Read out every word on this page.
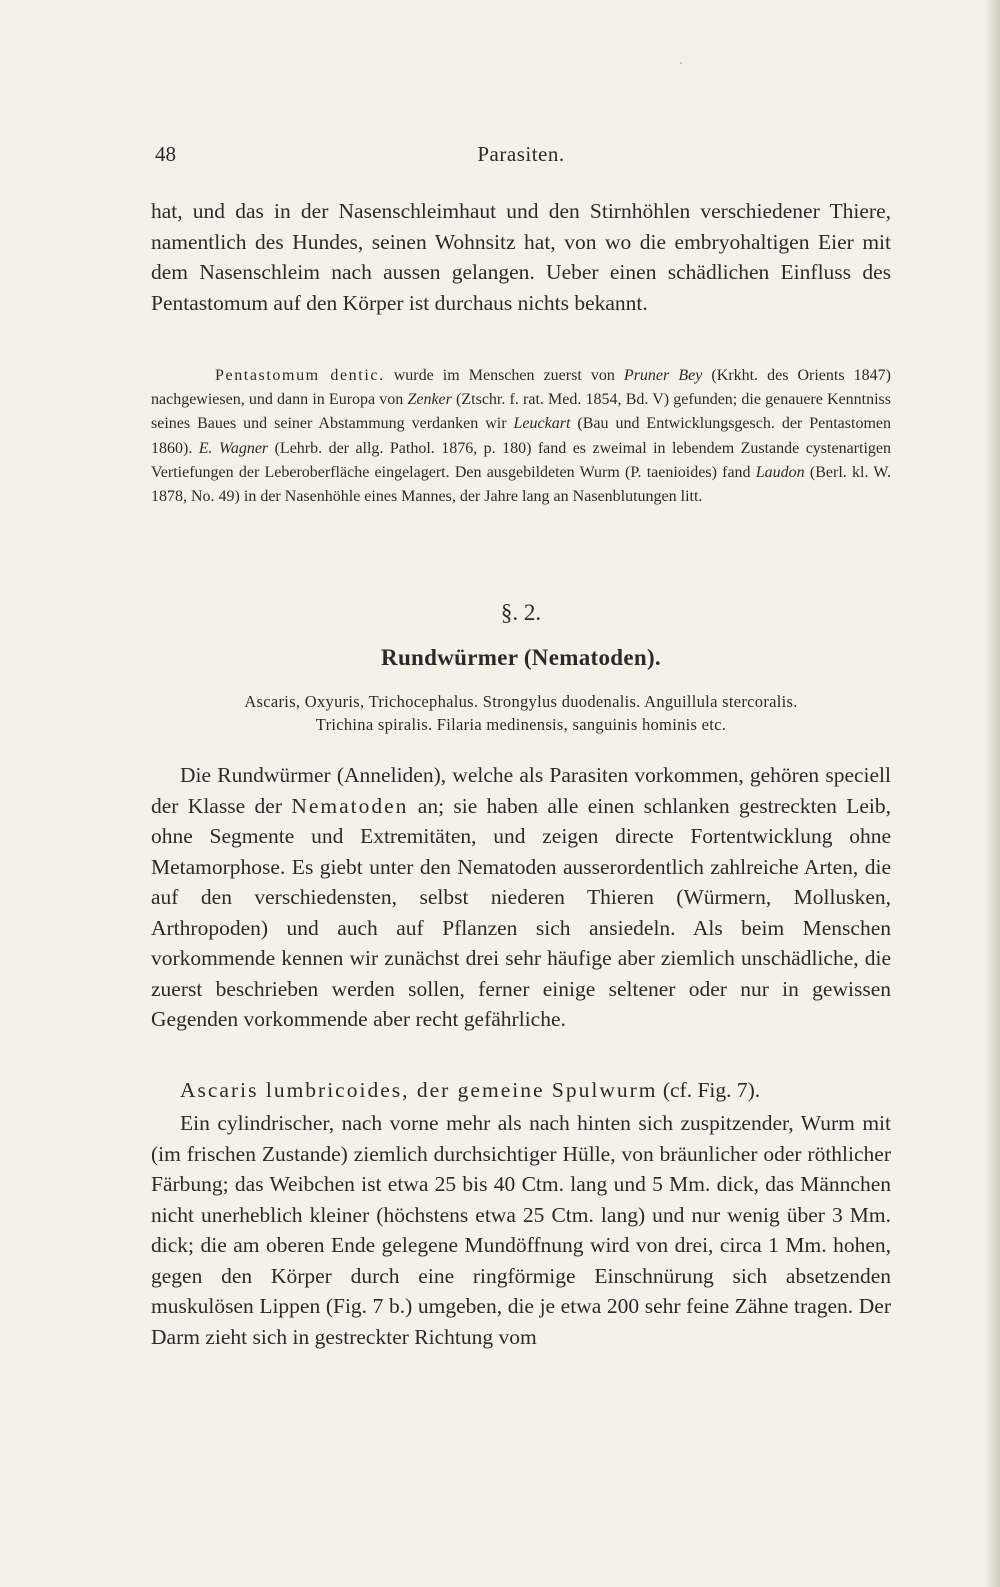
48	Parasiten.

hat, und das in der Nasenschleimhaut und den Stirnhöhlen verschiedener Thiere, namentlich des Hundes, seinen Wohnsitz hat, von wo die embryohaltigen Eier mit dem Nasenschleim nach aussen gelangen. Ueber einen schädlichen Einfluss des Pentastomum auf den Körper ist durchaus nichts bekannt.

Pentastomum dentic. wurde im Menschen zuerst von Pruner Bey (Krkht. des Orients 1847) nachgewiesen, und dann in Europa von Zenker (Ztschr. f. rat. Med. 1854, Bd. V) gefunden; die genauere Kenntniss seines Baues und seiner Abstammung verdanken wir Leuckart (Bau und Entwicklungsgesch. der Pentastomen 1860). E. Wagner (Lehrb. der allg. Pathol. 1876, p. 180) fand es zweimal in lebendem Zustande cystenartigen Vertiefungen der Leberoberfläche eingelagert. Den ausgebildeten Wurm (P. taenioides) fand Laudon (Berl. kl. W. 1878, No. 49) in der Nasenhöhle eines Mannes, der Jahre lang an Nasenblutungen litt.

§. 2.
Rundwürmer (Nematoden).
Ascaris, Oxyuris, Trichocephalus. Strongylus duodenalis. Anguillula stercoralis.
Trichina spiralis. Filaria medinensis, sanguinis hominis etc.

Die Rundwürmer (Anneliden), welche als Parasiten vorkommen, gehören speciell der Klasse der Nematoden an; sie haben alle einen schlanken gestreckten Leib, ohne Segmente und Extremitäten, und zeigen directe Fortentwicklung ohne Metamorphose. Es giebt unter den Nematoden ausserordentlich zahlreiche Arten, die auf den verschiedensten, selbst niederen Thieren (Würmern, Mollusken, Arthropoden) und auch auf Pflanzen sich ansiedeln. Als beim Menschen vorkommende kennen wir zunächst drei sehr häufige aber ziemlich unschädliche, die zuerst beschrieben werden sollen, ferner einige seltener oder nur in gewissen Gegenden vorkommende aber recht gefährliche.

Ascaris lumbricoides, der gemeine Spulwurm (cf. Fig. 7).

Ein cylindrischer, nach vorne mehr als nach hinten sich zuspitzender, Wurm mit (im frischen Zustande) ziemlich durchsichtiger Hülle, von bräunlicher oder röthlicher Färbung; das Weibchen ist etwa 25 bis 40 Ctm. lang und 5 Mm. dick, das Männchen nicht unerheblich kleiner (höchstens etwa 25 Ctm. lang) und nur wenig über 3 Mm. dick; die am oberen Ende gelegene Mundöffnung wird von drei, circa 1 Mm. hohen, gegen den Körper durch eine ringförmige Einschnürung sich absetzenden muskulösen Lippen (Fig. 7 b.) umgeben, die je etwa 200 sehr feine Zähne tragen. Der Darm zieht sich in gestreckter Richtung vom
